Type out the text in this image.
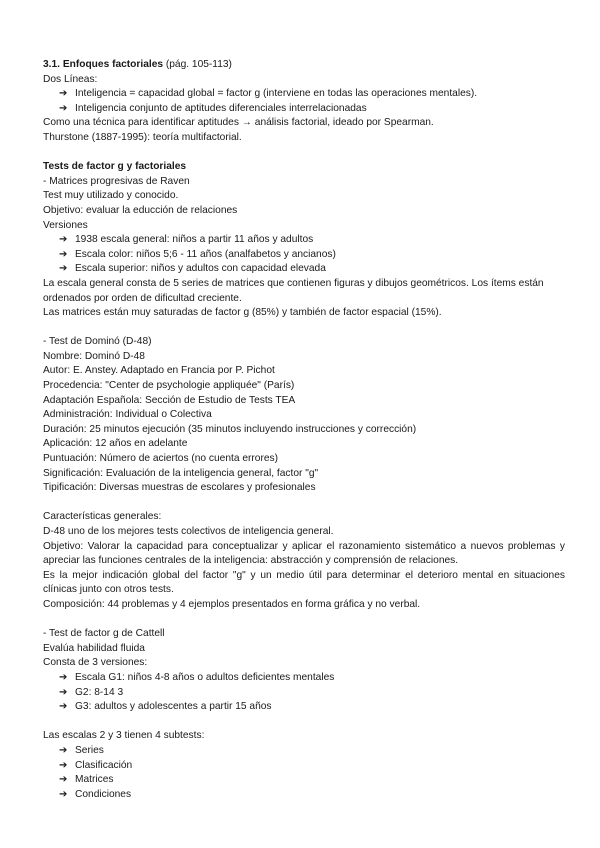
3.1. Enfoques factoriales (pág. 105-113)

Dos Líneas:

➔ Inteligencia = capacidad global = factor g (interviene en todas las operaciones mentales).
➔ Inteligencia conjunto de aptitudes diferenciales interrelacionadas

Como una técnica para identificar aptitudes → análisis factorial, ideado por Spearman.

Thurstone (1887-1995): teoría multifactorial.

Tests de factor g y factoriales

- Matrices progresivas de Raven

Test muy utilizado y conocido.

Objetivo: evaluar la educción de relaciones

Versiones

➔ 1938 escala general: niños a partir 11 años y adultos
➔ Escala color: niños 5;6 - 11 años (analfabetos y ancianos)
➔ Escala superior: niños y adultos con capacidad elevada

La escala general consta de 5 series de matrices que contienen figuras y dibujos geométricos. Los ítems están ordenados por orden de dificultad creciente.

Las matrices están muy saturadas de factor g (85%) y también de factor espacial (15%).

- Test de Dominó (D-48)

Nombre: Dominó D-48

Autor: E. Anstey. Adaptado en Francia por P. Pichot

Procedencia: "Center de psychologie appliquée" (París)

Adaptación Española: Sección de Estudio de Tests TEA

Administración: Individual o Colectiva

Duración: 25 minutos ejecución (35 minutos incluyendo instrucciones y corrección)

Aplicación: 12 años en adelante

Puntuación: Número de aciertos (no cuenta errores)

Significación: Evaluación de la inteligencia general, factor "g"

Tipificación: Diversas muestras de escolares y profesionales

Características generales:

D-48 uno de los mejores tests colectivos de inteligencia general.

Objetivo: Valorar la capacidad para conceptualizar y aplicar el razonamiento sistemático a nuevos problemas y apreciar las funciones centrales de la inteligencia: abstracción y comprensión de relaciones.

Es la mejor indicación global del factor "g" y un medio útil para determinar el deterioro mental en situaciones clínicas junto con otros tests.

Composición: 44 problemas y 4 ejemplos presentados en forma gráfica y no verbal.

- Test de factor g de Cattell

Evalúa habilidad fluida

Consta de 3 versiones:

➔ Escala G1: niños 4-8 años o adultos deficientes mentales
➔ G2: 8-14 3
➔ G3: adultos y adolescentes a partir 15 años

Las escalas 2 y 3 tienen 4 subtests:

➔ Series
➔ Clasificación
➔ Matrices
➔ Condiciones
